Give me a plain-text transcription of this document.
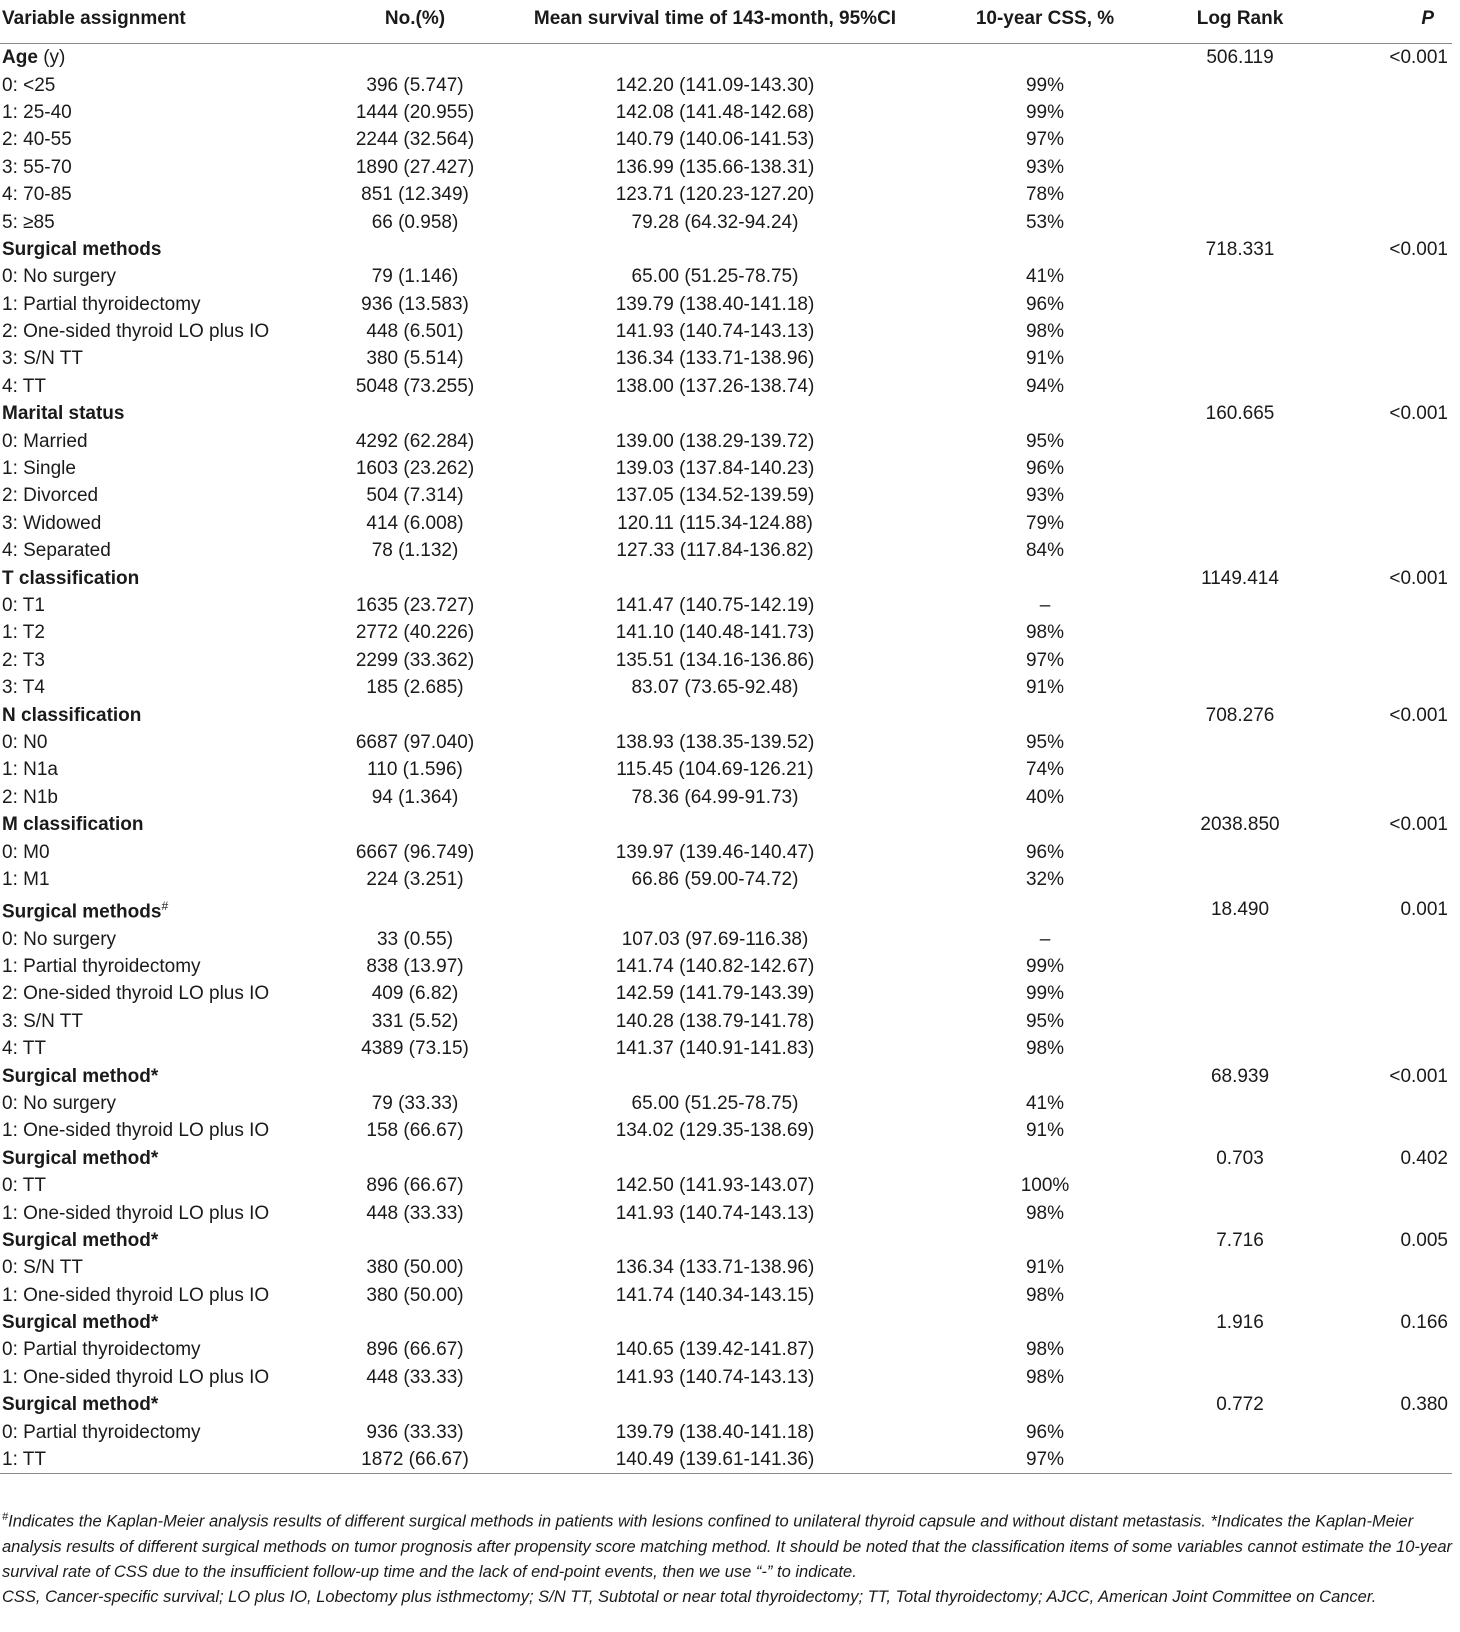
Variable assignment	No.(%)	Mean survival time of 143-month, 95%CI	10-year CSS, %	Log Rank	P
Age (y)				506.119	<0.001
0: <25	396 (5.747)	142.20 (141.09-143.30)	99%		
1: 25-40	1444 (20.955)	142.08 (141.48-142.68)	99%		
2: 40-55	2244 (32.564)	140.79 (140.06-141.53)	97%		
3: 55-70	1890 (27.427)	136.99 (135.66-138.31)	93%		
4: 70-85	851 (12.349)	123.71 (120.23-127.20)	78%		
5: ≥85	66 (0.958)	79.28 (64.32-94.24)	53%		
Surgical methods				718.331	<0.001
0: No surgery	79 (1.146)	65.00 (51.25-78.75)	41%		
1: Partial thyroidectomy	936 (13.583)	139.79 (138.40-141.18)	96%		
2: One-sided thyroid LO plus IO	448 (6.501)	141.93 (140.74-143.13)	98%		
3: S/N TT	380 (5.514)	136.34 (133.71-138.96)	91%		
4: TT	5048 (73.255)	138.00 (137.26-138.74)	94%		
Marital status				160.665	<0.001
0: Married	4292 (62.284)	139.00 (138.29-139.72)	95%		
1: Single	1603 (23.262)	139.03 (137.84-140.23)	96%		
2: Divorced	504 (7.314)	137.05 (134.52-139.59)	93%		
3: Widowed	414 (6.008)	120.11 (115.34-124.88)	79%		
4: Separated	78 (1.132)	127.33 (117.84-136.82)	84%		
T classification				1149.414	<0.001
0: T1	1635 (23.727)	141.47 (140.75-142.19)	–		
1: T2	2772 (40.226)	141.10 (140.48-141.73)	98%		
2: T3	2299 (33.362)	135.51 (134.16-136.86)	97%		
3: T4	185 (2.685)	83.07 (73.65-92.48)	91%		
N classification				708.276	<0.001
0: N0	6687 (97.040)	138.93 (138.35-139.52)	95%		
1: N1a	110 (1.596)	115.45 (104.69-126.21)	74%		
2: N1b	94 (1.364)	78.36 (64.99-91.73)	40%		
M classification				2038.850	<0.001
0: M0	6667 (96.749)	139.97 (139.46-140.47)	96%		
1: M1	224 (3.251)	66.86 (59.00-74.72)	32%		
Surgical methods#				18.490	0.001
0: No surgery	33 (0.55)	107.03 (97.69-116.38)	–		
1: Partial thyroidectomy	838 (13.97)	141.74 (140.82-142.67)	99%		
2: One-sided thyroid LO plus IO	409 (6.82)	142.59 (141.79-143.39)	99%		
3: S/N TT	331 (5.52)	140.28 (138.79-141.78)	95%		
4: TT	4389 (73.15)	141.37 (140.91-141.83)	98%		
Surgical method*				68.939	<0.001
0: No surgery	79 (33.33)	65.00 (51.25-78.75)	41%		
1: One-sided thyroid LO plus IO	158 (66.67)	134.02 (129.35-138.69)	91%		
Surgical method*				0.703	0.402
0: TT	896 (66.67)	142.50 (141.93-143.07)	100%		
1: One-sided thyroid LO plus IO	448 (33.33)	141.93 (140.74-143.13)	98%		
Surgical method*				7.716	0.005
0: S/N TT	380 (50.00)	136.34 (133.71-138.96)	91%		
1: One-sided thyroid LO plus IO	380 (50.00)	141.74 (140.34-143.15)	98%		
Surgical method*				1.916	0.166
0: Partial thyroidectomy	896 (66.67)	140.65 (139.42-141.87)	98%		
1: One-sided thyroid LO plus IO	448 (33.33)	141.93 (140.74-143.13)	98%		
Surgical method*				0.772	0.380
0: Partial thyroidectomy	936 (33.33)	139.79 (138.40-141.18)	96%		
1: TT	1872 (66.67)	140.49 (139.61-141.36)	97%		

#Indicates the Kaplan-Meier analysis results of different surgical methods in patients with lesions confined to unilateral thyroid capsule and without distant metastasis. *Indicates the Kaplan-Meier analysis results of different surgical methods on tumor prognosis after propensity score matching method. It should be noted that the classification items of some variables cannot estimate the 10-year survival rate of CSS due to the insufficient follow-up time and the lack of end-point events, then we use “-” to indicate.

CSS, Cancer-specific survival; LO plus IO, Lobectomy plus isthmectomy; S/N TT, Subtotal or near total thyroidectomy; TT, Total thyroidectomy; AJCC, American Joint Committee on Cancer.
